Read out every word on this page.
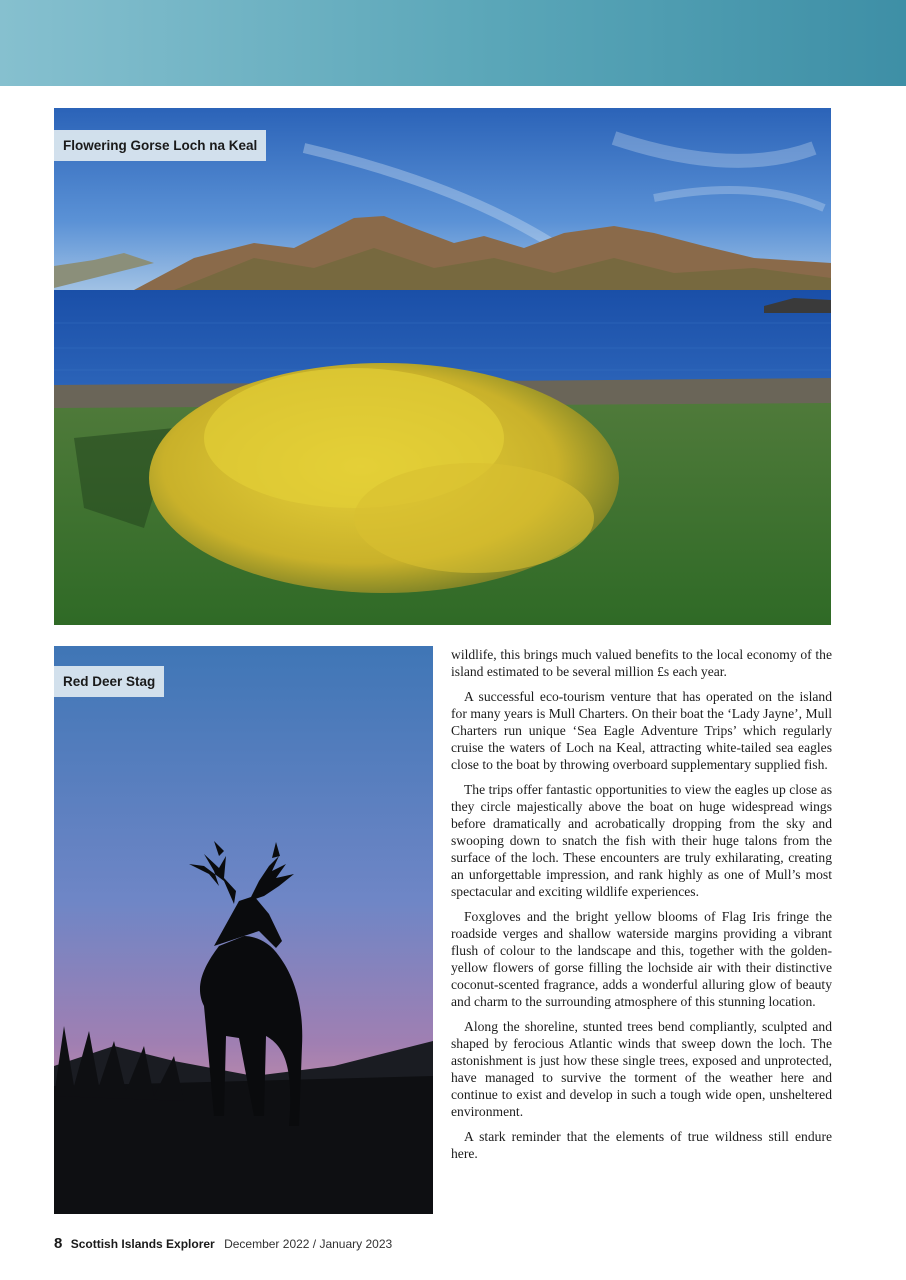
Flowering Gorse Loch na Keal
Red Deer Stag

wildlife, this brings much valued benefits to the local economy of the island estimated to be several million £s each year.

A successful eco-tourism venture that has operated on the island for many years is Mull Charters. On their boat the ‘Lady Jayne’, Mull Charters run unique ‘Sea Eagle Adventure Trips’ which regularly cruise the waters of Loch na Keal, attracting white-tailed sea eagles close to the boat by throwing overboard supplementary supplied fish.

The trips offer fantastic opportunities to view the eagles up close as they circle majestically above the boat on huge widespread wings before dramatically and acrobatically dropping from the sky and swooping down to snatch the fish with their huge talons from the surface of the loch. These encounters are truly exhilarating, creating an unforgettable impression, and rank highly as one of Mull’s most spectacular and exciting wildlife experiences.

Foxgloves and the bright yellow blooms of Flag Iris fringe the roadside verges and shallow waterside margins providing a vibrant flush of colour to the landscape and this, together with the golden-yellow flowers of gorse filling the lochside air with their distinctive coconut-scented fragrance, adds a wonderful alluring glow of beauty and charm to the surrounding atmosphere of this stunning location.

Along the shoreline, stunted trees bend compliantly, sculpted and shaped by ferocious Atlantic winds that sweep down the loch. The astonishment is just how these single trees, exposed and unprotected, have managed to survive the torment of the weather here and continue to exist and develop in such a tough wide open, unsheltered environment.

A stark reminder that the elements of true wildness still endure here.

8 Scottish Islands Explorer December 2022 / January 2023
